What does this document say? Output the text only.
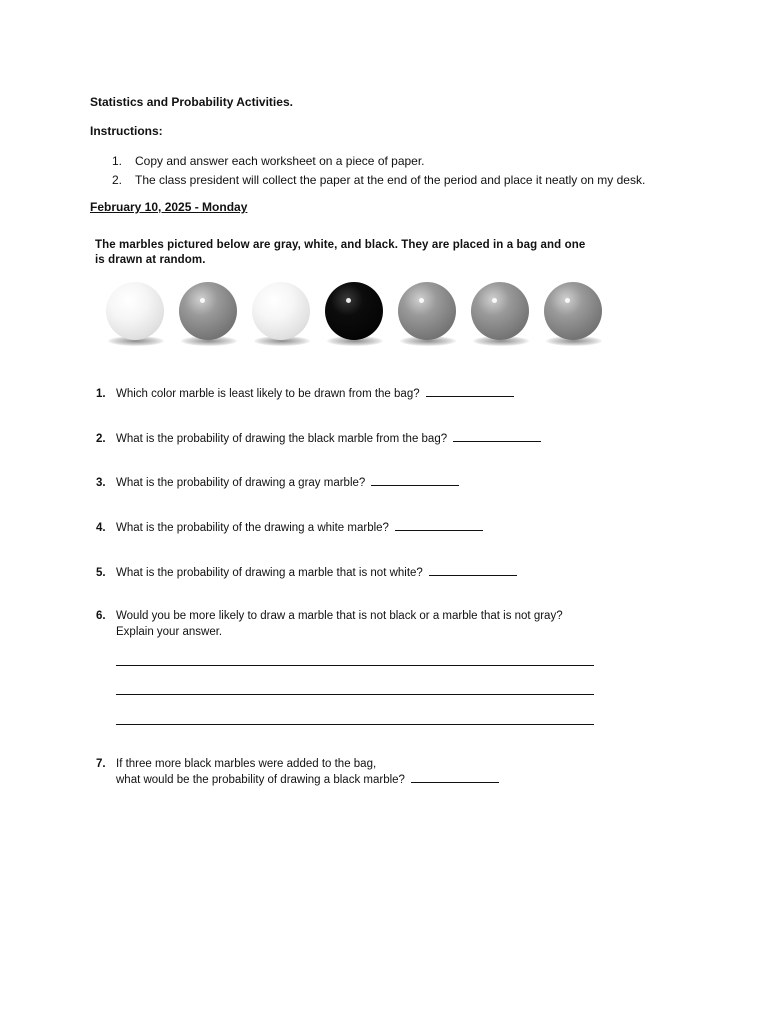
Statistics and Probability Activities.
Instructions:
1. Copy and answer each worksheet on a piece of paper.
2. The class president will collect the paper at the end of the period and place it neatly on my desk.
February 10, 2025 - Monday
The marbles pictured below are gray, white, and black. They are placed in a bag and one
is drawn at random.
1. Which color marble is least likely to be drawn from the bag?
2. What is the probability of drawing the black marble from the bag?
3. What is the probability of drawing a gray marble?
4. What is the probability of the drawing a white marble?
5. What is the probability of drawing a marble that is not white?
6. Would you be more likely to draw a marble that is not black or a marble that is not gray?
Explain your answer.
7. If three more black marbles were added to the bag,
what would be the probability of drawing a black marble?
